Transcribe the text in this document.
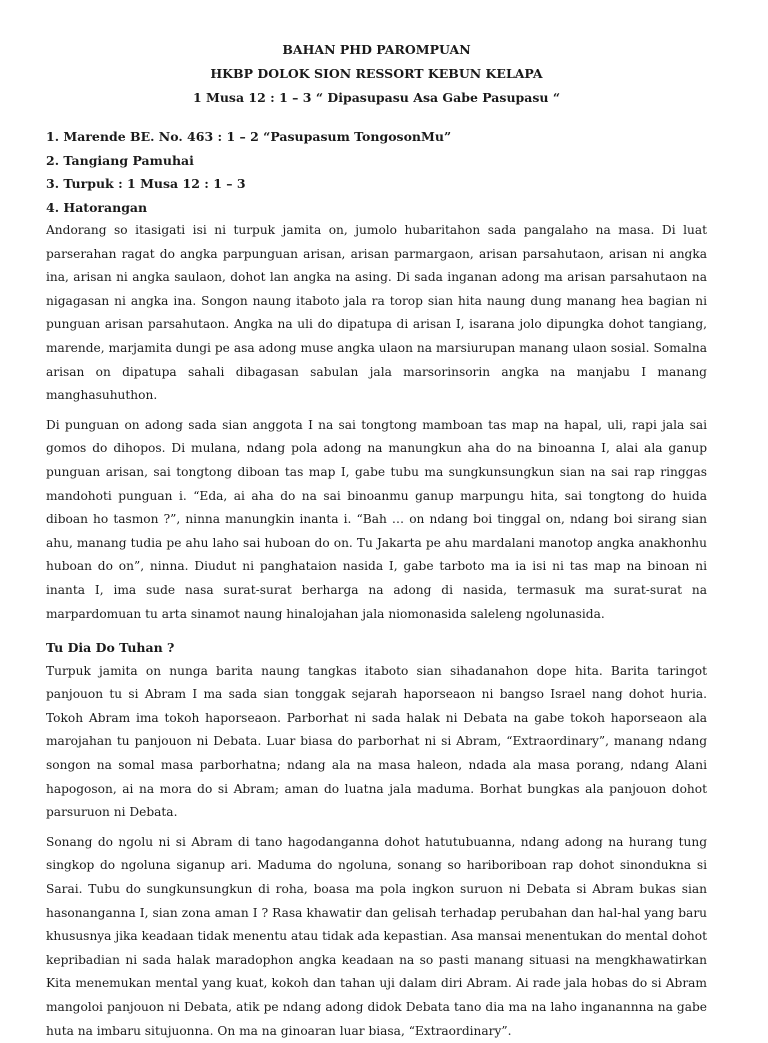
BAHAN PHD PAROMPUAN
HKBP DOLOK SION RESSORT KEBUN KELAPA
1 Musa 12 : 1 – 3 “ Dipasupasu Asa Gabe Pasupasu “
1. Marende BE. No. 463 : 1 – 2 “Pasupasum TongosonMu”
2. Tangiang Pamuhai
3. Turpuk : 1 Musa 12 : 1 – 3
4. Hatorangan

Andorang so itasigati isi ni turpuk jamita on, jumolo hubaritahon sada pangalaho na masa. Di luat parserahan ragat do angka parpunguan arisan, arisan parmargaon, arisan parsahutaon, arisan ni angka ina, arisan ni angka saulaon, dohot lan angka na asing. Di sada inganan adong ma arisan parsahutaon na nigagasan ni angka ina. Songon naung itaboto jala ra torop sian hita naung dung manang hea bagian ni punguan arisan parsahutaon. Angka na uli do dipatupa di arisan I, isarana jolo dipungka dohot tangiang, marende, marjamita dungi pe asa adong muse angka ulaon na marsiurupan manang ulaon sosial. Somalna arisan on dipatupa sahali dibagasan sabulan jala marsorinsorin angka na manjabu I manang manghasuhuthon.

Di punguan on adong sada sian anggota I na sai tongtong mamboan tas map na hapal, uli, rapi jala sai gomos do dihopos. Di mulana, ndang pola adong na manungkun aha do na binoanna I, alai ala ganup punguan arisan, sai tongtong diboan tas map I, gabe tubu ma sungkunsungkun sian na sai rap ringgas mandohoti punguan i. “Eda, ai aha do na sai binoanmu ganup marpungu hita, sai tongtong do huida diboan ho tasmon ?”, ninna manungkin inanta i. “Bah … on ndang boi tinggal on, ndang boi sirang sian ahu, manang tudia pe ahu laho sai huboan do on. Tu Jakarta pe ahu mardalani manotop angka anakhonhu huboan do on”, ninna. Diudut ni panghataion nasida I, gabe tarboto ma ia isi ni tas map na binoan ni inanta I, ima sude nasa surat-surat berharga na adong di nasida, termasuk ma surat-surat na marpardomuan tu arta sinamot naung hinalojahan jala niomonasida saleleng ngolunasida.

Tu Dia Do Tuhan ?

Turpuk jamita on nunga barita naung tangkas itaboto sian sihadanahon dope hita. Barita taringot panjouon tu si Abram I ma sada sian tonggak sejarah haporseaon ni bangso Israel nang dohot huria. Tokoh Abram ima tokoh haporseaon. Parborhat ni sada halak ni Debata na gabe tokoh haporseaon ala marojahan tu panjouon ni Debata. Luar biasa do parborhat ni si Abram, “Extraordinary”, manang ndang songon na somal masa parborhatna; ndang ala na masa haleon, ndada ala masa porang, ndang Alani hapogoson, ai na mora do si Abram; aman do luatna jala maduma. Borhat bungkas ala panjouon dohot parsuruon ni Debata.

Sonang do ngolu ni si Abram di tano hagodanganna dohot hatutubuanna, ndang adong na hurang tung singkop do ngoluna siganup ari. Maduma do ngoluna, sonang so hariboriboan rap dohot sinondukna si Sarai. Tubu do sungkunsungkun di roha, boasa ma pola ingkon suruon ni Debata si Abram bukas sian hasonanganna I, sian zona aman I ? Rasa khawatir dan gelisah terhadap perubahan dan hal-hal yang baru khususnya jika keadaan tidak menentu atau tidak ada kepastian. Asa mansai menentukan do mental dohot kepribadian ni sada halak maradophon angka keadaan na so pasti manang situasi na mengkhawatirkan Kita menemukan mental yang kuat, kokoh dan tahan uji dalam diri Abram. Ai rade jala hobas do si Abram mangoloi panjouon ni Debata, atik pe ndang adong didok Debata tano dia ma na laho inganannna na gabe huta na imbaru situjuonna. On ma na ginoaran luar biasa, “Extraordinary”.
